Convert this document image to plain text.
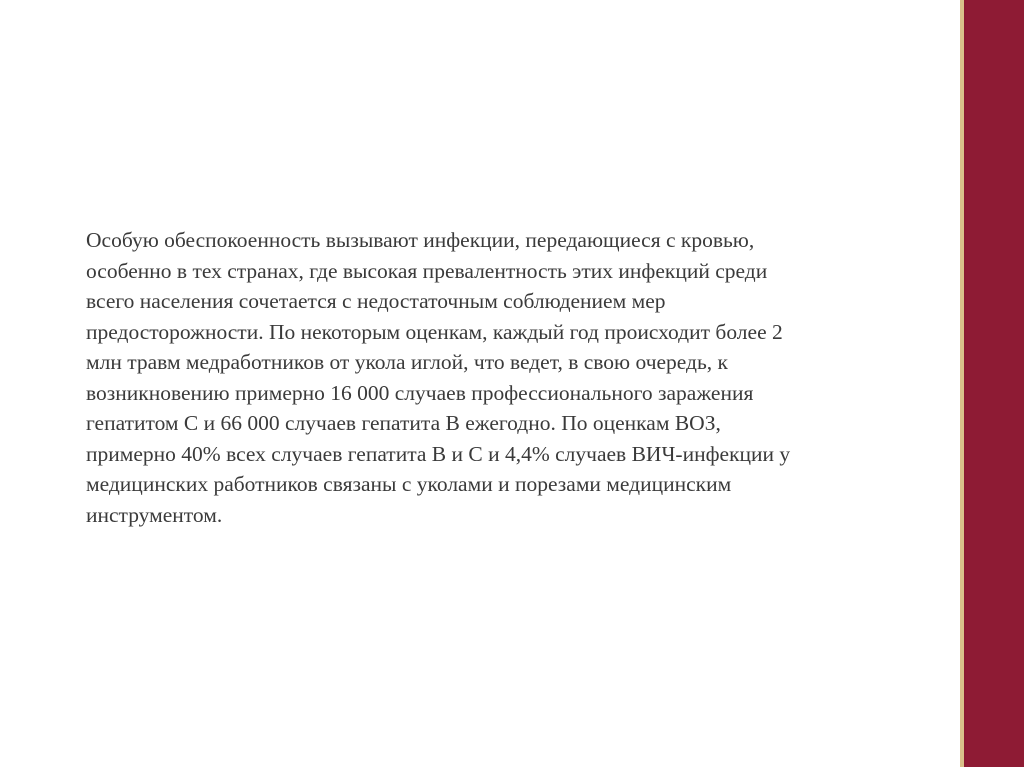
Особую обеспокоенность вызывают инфекции, передающиеся с кровью,
особенно в тех странах, где высокая превалентность этих инфекций среди
всего населения сочетается с недостаточным соблюдением мер
предосторожности. По некоторым оценкам, каждый год происходит более 2
млн травм медработников от укола иглой, что ведет, в свою очередь, к
возникновению примерно 16 000 случаев профессионального заражения
гепатитом С и 66 000 случаев гепатита В ежегодно. По оценкам ВОЗ,
примерно 40% всех случаев гепатита В и С и 4,4% случаев ВИЧ-инфекции у
медицинских работников связаны с уколами и порезами медицинским
инструментом.
